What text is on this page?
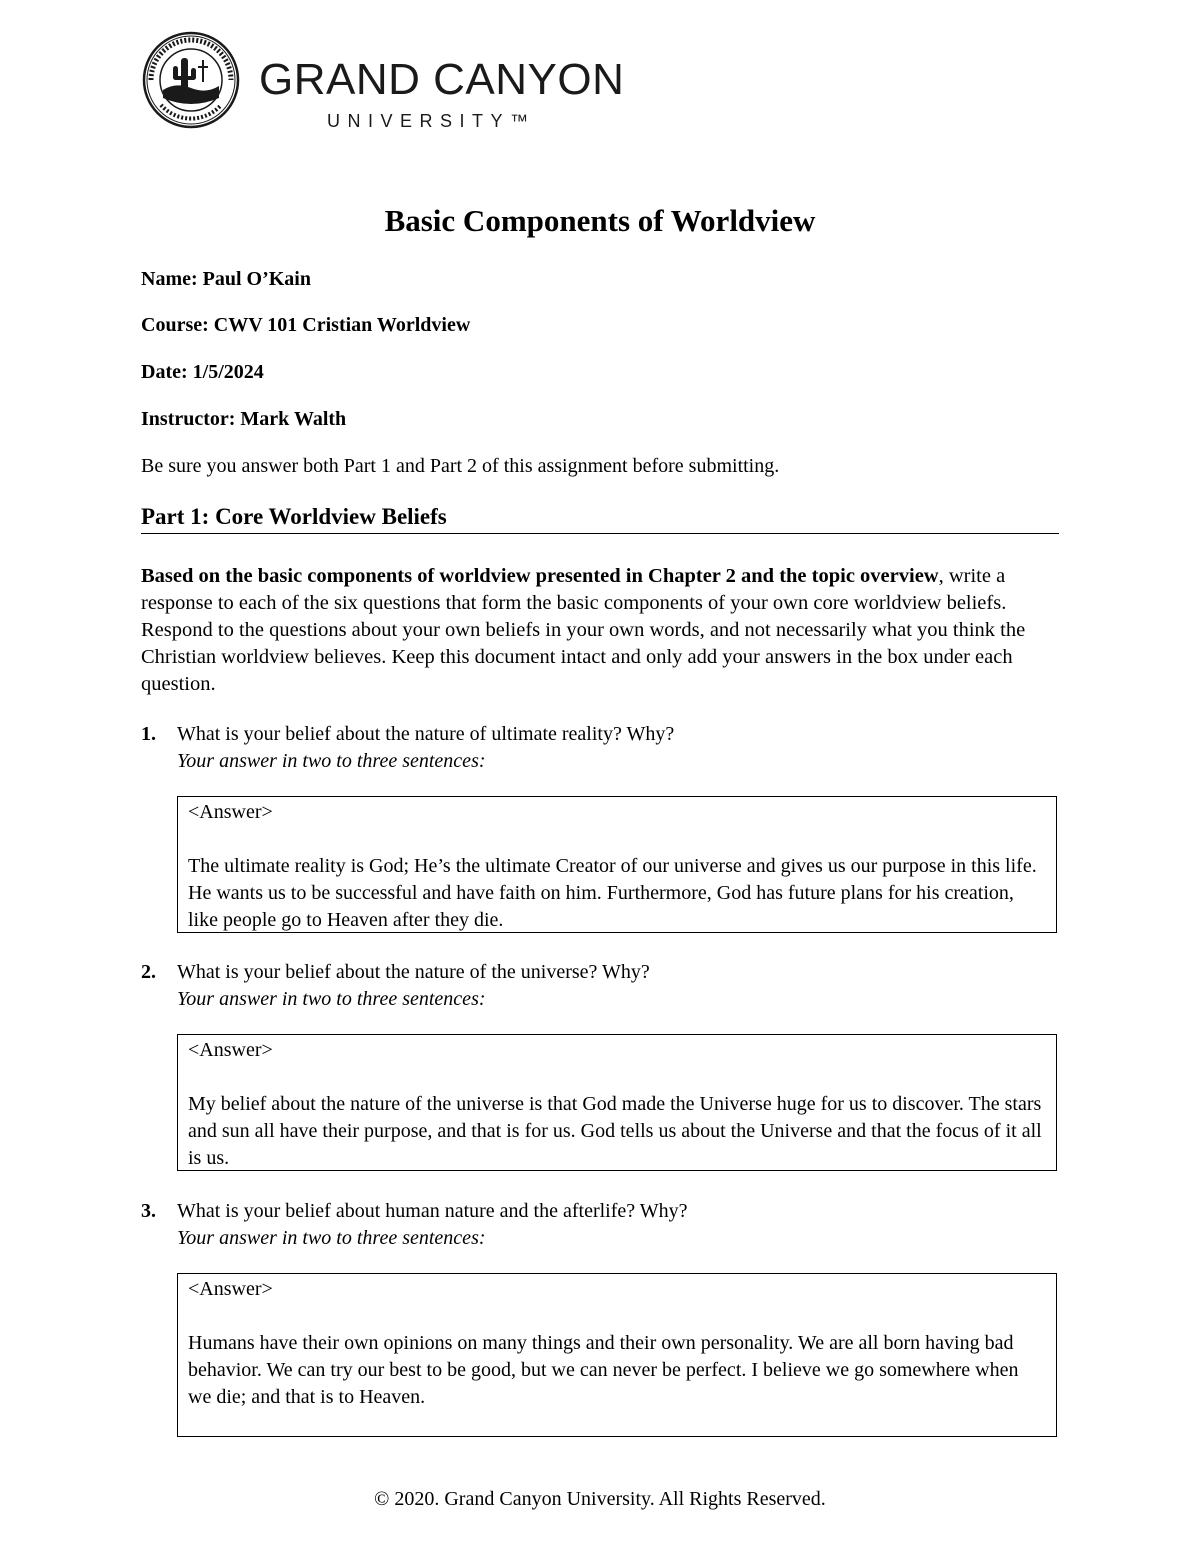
GRAND CANYON
UNIVERSITY™
Basic Components of Worldview
Name: Paul O’Kain
Course: CWV 101 Cristian Worldview
Date: 1/5/2024
Instructor: Mark Walth
Be sure you answer both Part 1 and Part 2 of this assignment before submitting.
Part 1: Core Worldview Beliefs
Based on the basic components of worldview presented in Chapter 2 and the topic overview, write a response to each of the six questions that form the basic components of your own core worldview beliefs. Respond to the questions about your own beliefs in your own words, and not necessarily what you think the Christian worldview believes. Keep this document intact and only add your answers in the box under each question.
1. What is your belief about the nature of ultimate reality? Why?
Your answer in two to three sentences:
<Answer>
The ultimate reality is God; He’s the ultimate Creator of our universe and gives us our purpose in this life. He wants us to be successful and have faith on him. Furthermore, God has future plans for his creation, like people go to Heaven after they die.
2. What is your belief about the nature of the universe? Why?
Your answer in two to three sentences:
<Answer>
My belief about the nature of the universe is that God made the Universe huge for us to discover. The stars and sun all have their purpose, and that is for us. God tells us about the Universe and that the focus of it all is us.
3. What is your belief about human nature and the afterlife? Why?
Your answer in two to three sentences:
<Answer>
Humans have their own opinions on many things and their own personality. We are all born having bad behavior. We can try our best to be good, but we can never be perfect. I believe we go somewhere when we die; and that is to Heaven.
© 2020. Grand Canyon University. All Rights Reserved.
